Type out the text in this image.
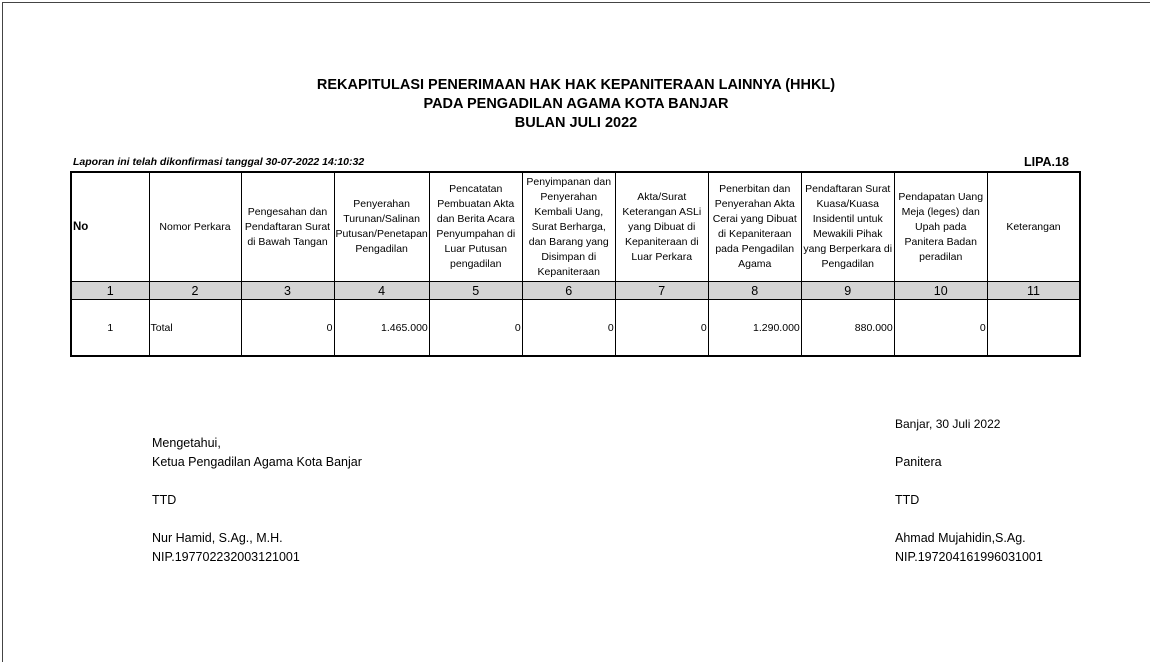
REKAPITULASI PENERIMAAN HAK HAK KEPANITERAAN LAINNYA (HHKL)
PADA PENGADILAN AGAMA KOTA BANJAR
BULAN JULI 2022
Laporan ini telah dikonfirmasi tanggal 30-07-2022 14:10:32	LIPA.18
No	Nomor Perkara	Pengesahan dan Pendaftaran Surat di Bawah Tangan	Penyerahan Turunan/Salinan Putusan/Penetapan Pengadilan	Pencatatan Pembuatan Akta dan Berita Acara Penyumpahan di Luar Putusan pengadilan	Penyimpanan dan Penyerahan Kembali Uang, Surat Berharga, dan Barang yang Disimpan di Kepaniteraan	Akta/Surat Keterangan ASLi yang Dibuat di Kepaniteraan di Luar Perkara	Penerbitan dan Penyerahan Akta Cerai yang Dibuat di Kepaniteraan pada Pengadilan Agama	Pendaftaran Surat Kuasa/Kuasa Insidentil untuk Mewakili Pihak yang Berperkara di Pengadilan	Pendapatan Uang Meja (leges) dan Upah pada Panitera Badan peradilan	Keterangan
1	2	3	4	5	6	7	8	9	10	11
1	Total	0	1.465.000	0	0	0	1.290.000	880.000	0	
Mengetahui,
Ketua Pengadilan Agama Kota Banjar
TTD
Nur Hamid, S.Ag., M.H.
NIP.197702232003121001
Banjar, 30 Juli 2022
Panitera
TTD
Ahmad Mujahidin,S.Ag.
NIP.197204161996031001
